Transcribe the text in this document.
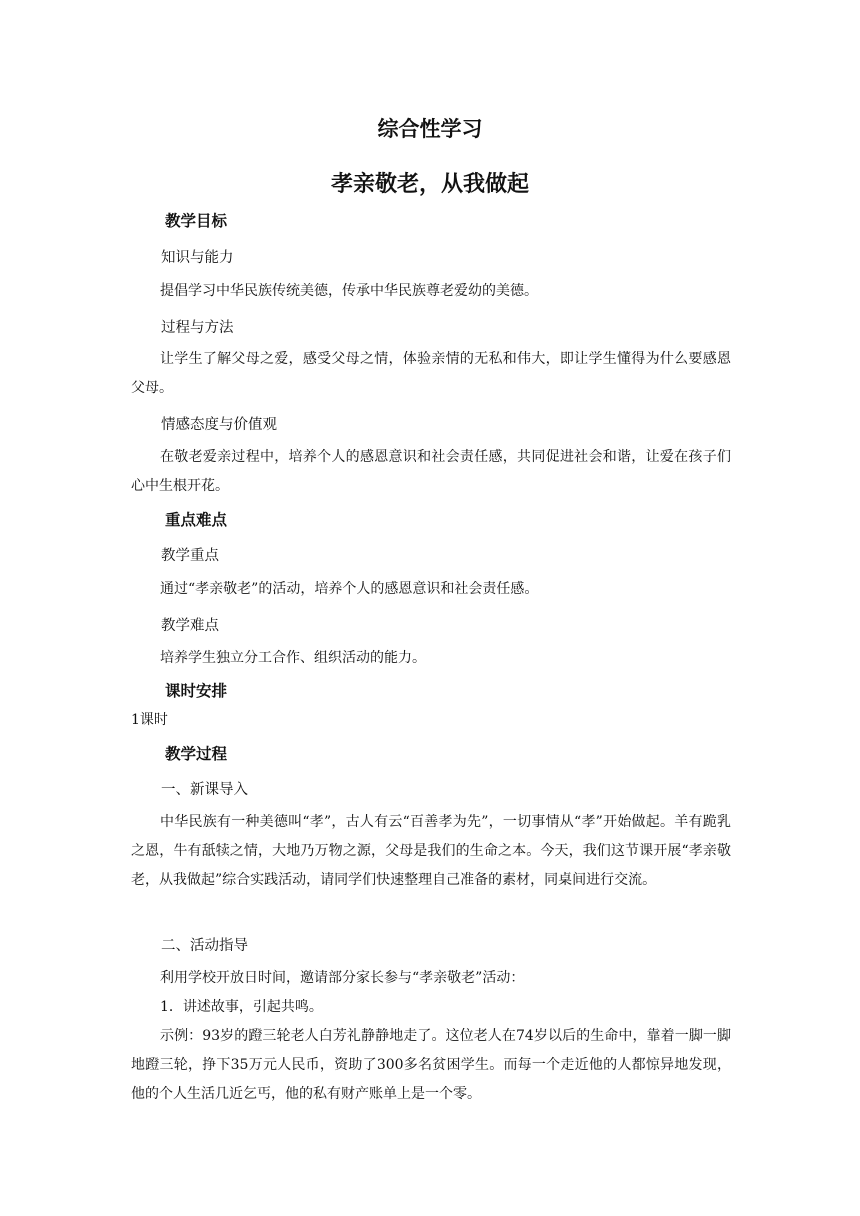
综合性学习
孝亲敬老，从我做起
教学目标
知识与能力
提倡学习中华民族传统美德，传承中华民族尊老爱幼的美德。
过程与方法
让学生了解父母之爱，感受父母之情，体验亲情的无私和伟大，即让学生懂得为什么要感恩父母。
情感态度与价值观
在敬老爱亲过程中，培养个人的感恩意识和社会责任感，共同促进社会和谐，让爱在孩子们心中生根开花。
重点难点
教学重点
通过“孝亲敬老”的活动，培养个人的感恩意识和社会责任感。
教学难点
培养学生独立分工合作、组织活动的能力。
课时安排
1课时
教学过程
一、新课导入
中华民族有一种美德叫“孝”，古人有云“百善孝为先”，一切事情从“孝”开始做起。羊有跪乳之恩，牛有舐犊之情，大地乃万物之源，父母是我们的生命之本。今天，我们这节课开展“孝亲敬老，从我做起”综合实践活动，请同学们快速整理自己准备的素材，同桌间进行交流。
二、活动指导
利用学校开放日时间，邀请部分家长参与“孝亲敬老”活动：
1．讲述故事，引起共鸣。
示例：93岁的蹬三轮老人白芳礼静静地走了。这位老人在74岁以后的生命中，靠着一脚一脚地蹬三轮，挣下35万元人民币，资助了300多名贫困学生。而每一个走近他的人都惊异地发现，他的个人生活几近乞丐，他的私有财产账单上是一个零。
